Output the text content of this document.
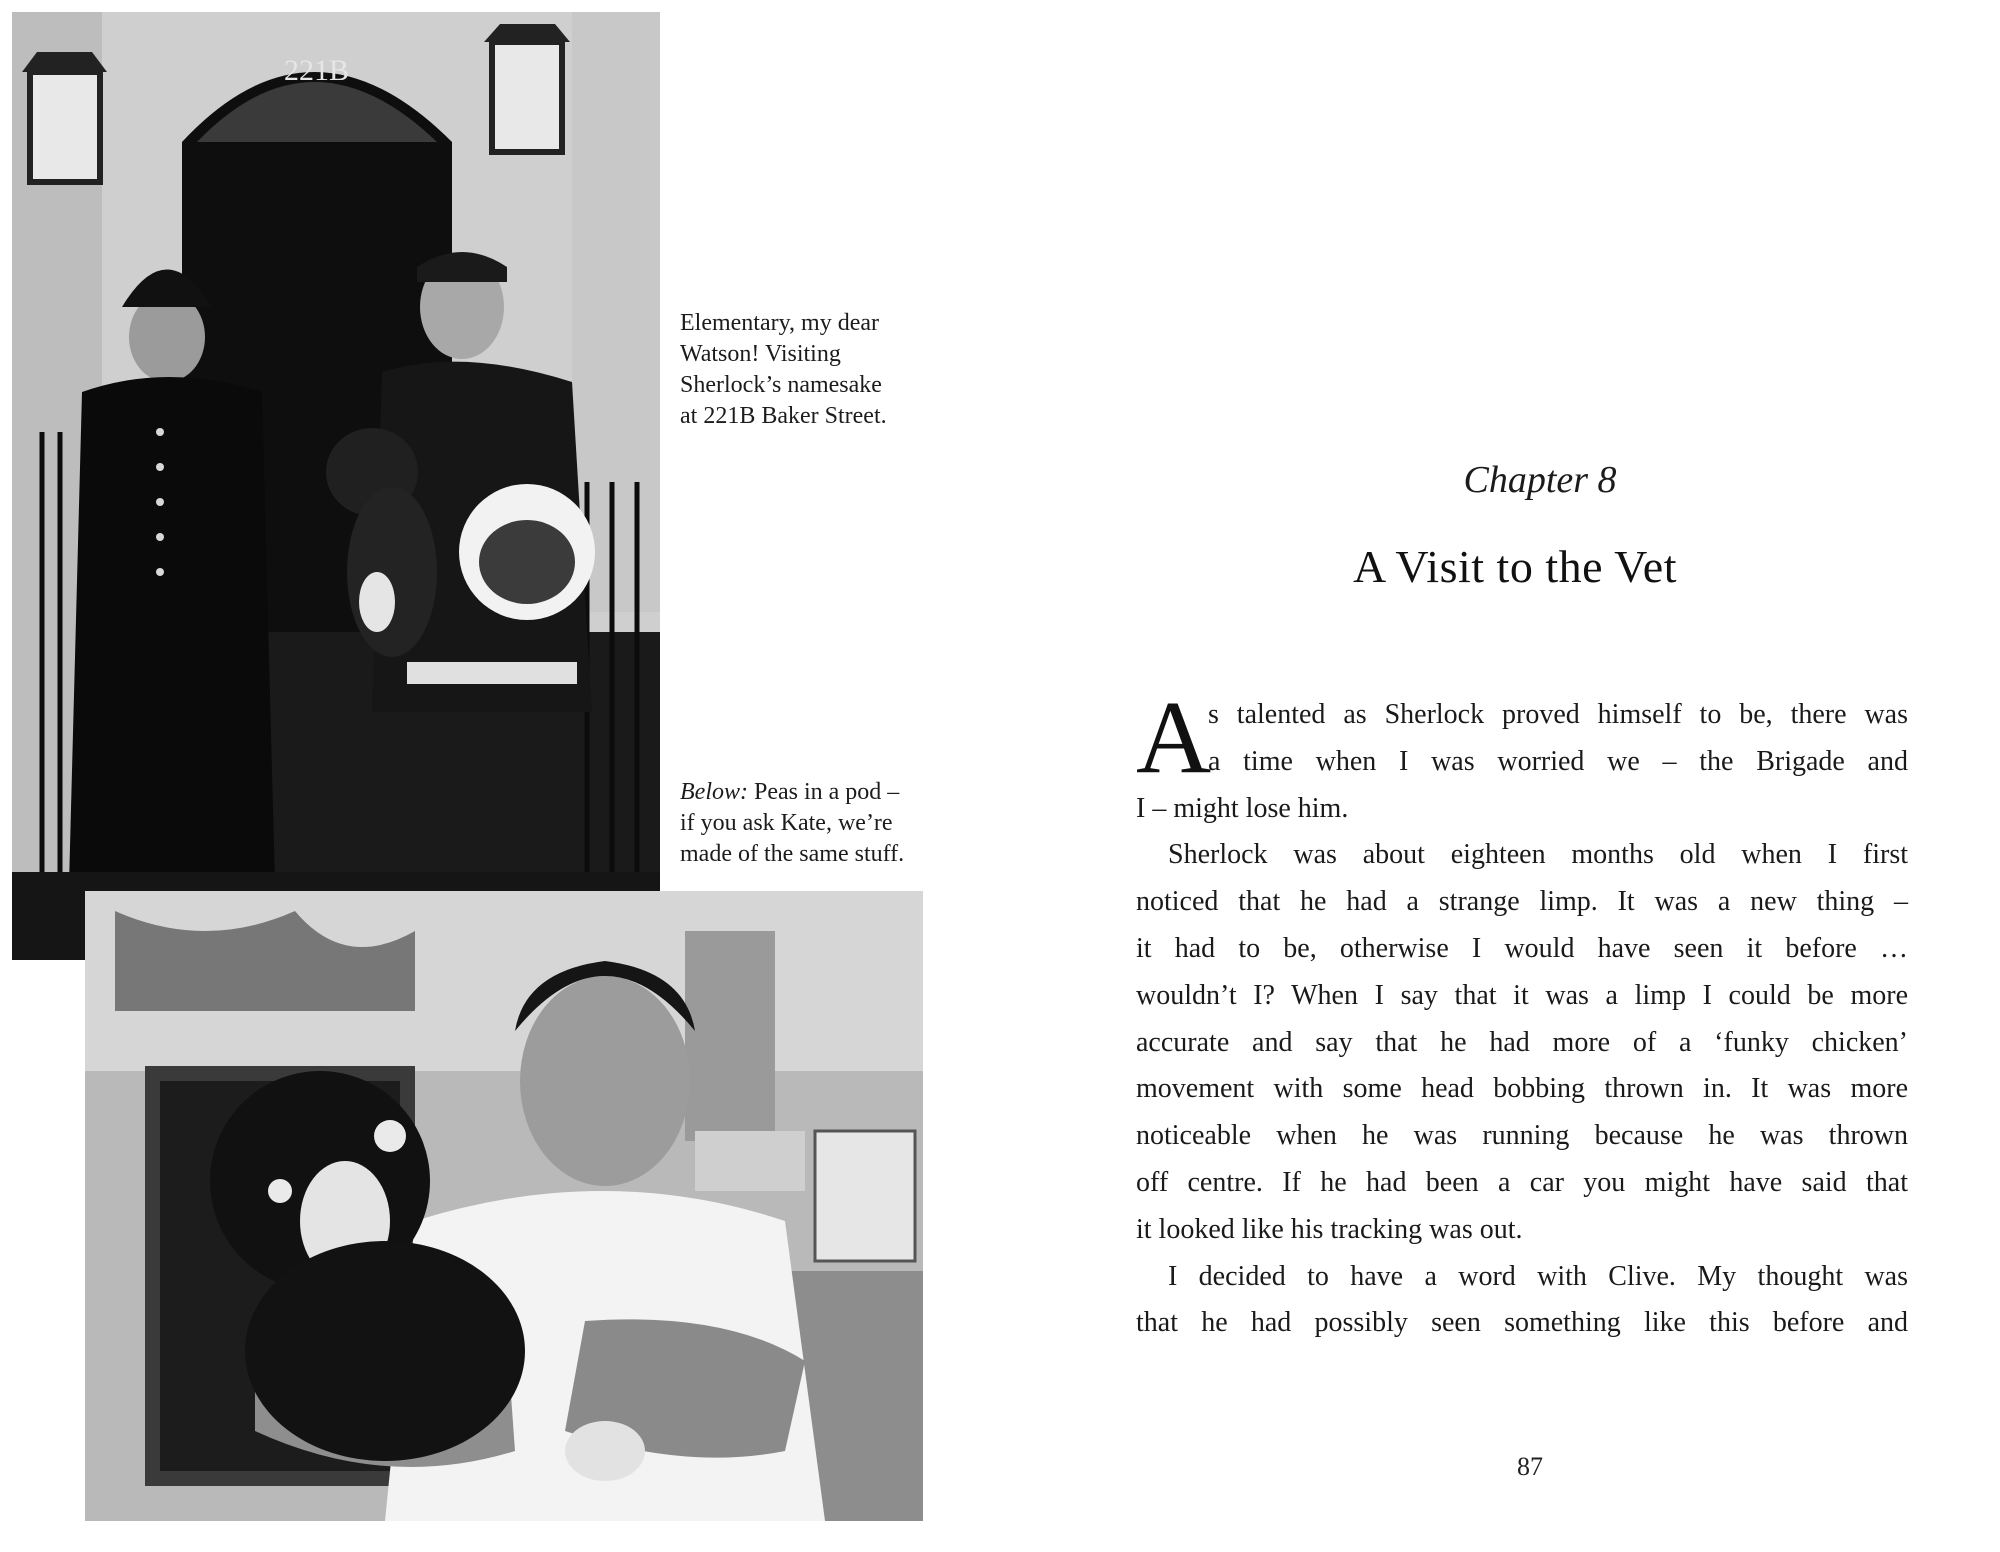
221B
Elementary, my dear
Watson! Visiting
Sherlock’s namesake
at 221B Baker Street.
Below: Peas in a pod –
if you ask Kate, we’re
made of the same stuff.
Chapter 8
A Visit to the Vet
A
s talented as Sherlock proved himself to be, there was
a time when I was worried we – the Brigade and
I – might lose him.
Sherlock was about eighteen months old when I first
noticed that he had a strange limp. It was a new thing –
it had to be, otherwise I would have seen it before …
wouldn’t I? When I say that it was a limp I could be more
accurate and say that he had more of a ‘funky chicken’
movement with some head bobbing thrown in. It was more
noticeable when he was running because he was thrown
off centre. If he had been a car you might have said that
it looked like his tracking was out.
I decided to have a word with Clive. My thought was
that he had possibly seen something like this before and
87
